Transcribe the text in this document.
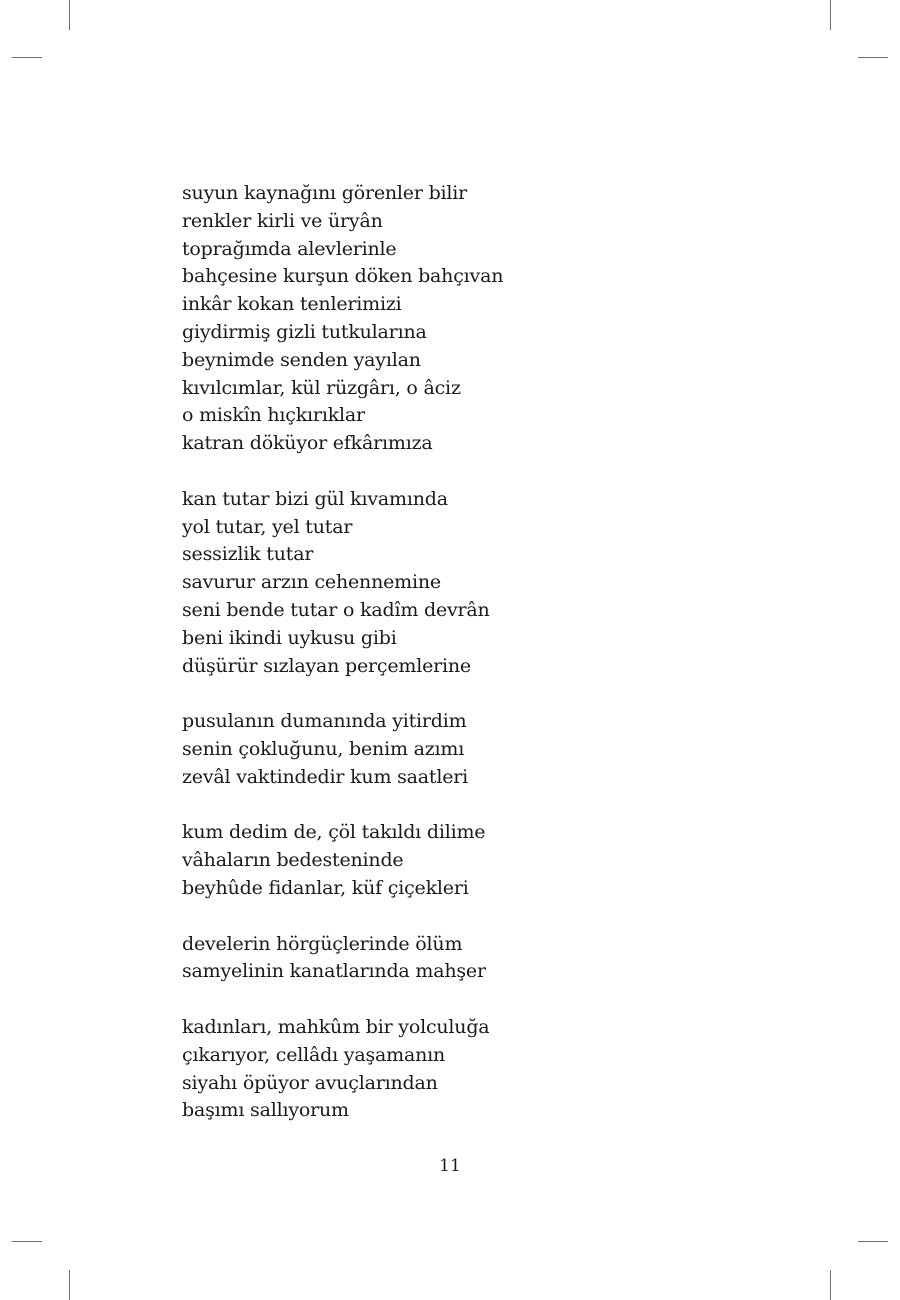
suyun kaynağını görenler bilir
renkler kirli ve üryân
toprağımda alevlerinle
bahçesine kurşun döken bahçıvan
inkâr kokan tenlerimizi
giydirmiş gizli tutkularına
beynimde senden yayılan
kıvılcımlar, kül rüzgârı, o âciz
o miskîn hıçkırıklar
katran döküyor efkârımıza
kan tutar bizi gül kıvamında
yol tutar, yel tutar
sessizlik tutar
savurur arzın cehennemine
seni bende tutar o kadîm devrân
beni ikindi uykusu gibi
düşürür sızlayan perçemlerine
pusulanın dumanında yitirdim
senin çokluğunu, benim azımı
zevâl vaktindedir kum saatleri
kum dedim de, çöl takıldı dilime
vâhaların bedesteninde
beyhûde fidanlar, küf çiçekleri
develerin hörgüçlerinde ölüm
samyelinin kanatlarında mahşer
kadınları, mahkûm bir yolculuğa
çıkarıyor, cellâdı yaşamanın
siyahı öpüyor avuçlarından
başımı sallıyorum
11
